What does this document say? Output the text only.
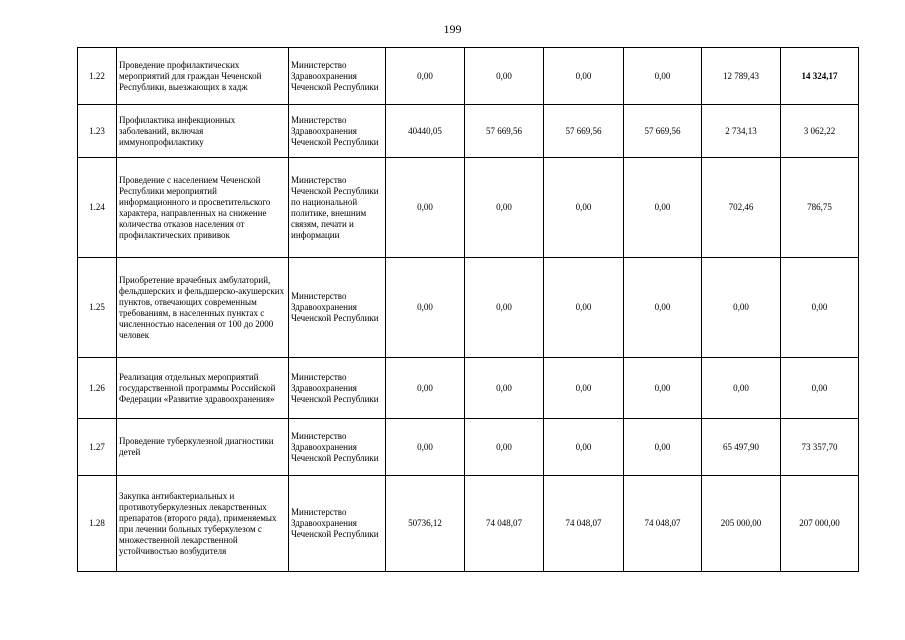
199
1.22	Проведение профилактических мероприятий для граждан Чеченской Республики, выезжающих в хадж	Министерство Здравоохранения Чеченской Республики	0,00	0,00	0,00	0,00	12 789,43	14 324,17
1.23	Профилактика инфекционных заболеваний, включая иммунопрофилактику	Министерство Здравоохранения Чеченской Республики	40440,05	57 669,56	57 669,56	57 669,56	2 734,13	3 062,22
1.24	Проведение с населением Чеченской Республики мероприятий информационного и просветительского характера, направленных на снижение количества отказов населения от профилактических прививок	Министерство Чеченской Республики по национальной политике, внешним связям, печати и информации	0,00	0,00	0,00	0,00	702,46	786,75
1.25	Приобретение врачебных амбулаторий, фельдшерских и фельдшерско-акушерских пунктов, отвечающих современным требованиям, в населенных пунктах с численностью населения от 100 до 2000 человек	Министерство Здравоохранения Чеченской Республики	0,00	0,00	0,00	0,00	0,00	0,00
1.26	Реализация отдельных мероприятий государственной программы Российской Федерации «Развитие здравоохранения»	Министерство Здравоохранения Чеченской Республики	0,00	0,00	0,00	0,00	0,00	0,00
1.27	Проведение туберкулезной диагностики детей	Министерство Здравоохранения Чеченской Республики	0,00	0,00	0,00	0,00	65 497,90	73 357,70
1.28	Закупка антибактериальных и противотуберкулезных лекарственных препаратов (второго ряда), применяемых при лечении больных туберкулезом с множественной лекарственной устойчивостью возбудителя	Министерство Здравоохранения Чеченской Республики	50736,12	74 048,07	74 048,07	74 048,07	205 000,00	207 000,00
